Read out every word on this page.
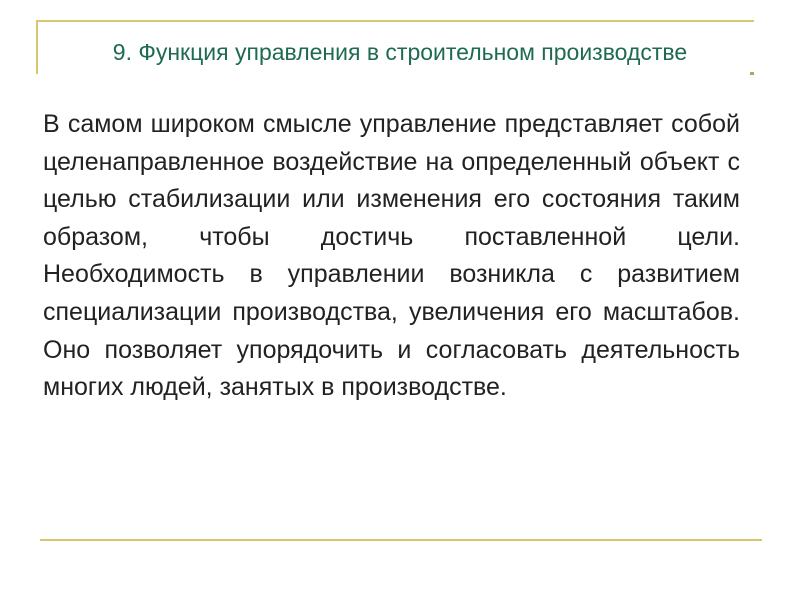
9. Функция управления в строительном производстве

В самом широком смысле управление представляет собой целенаправленное воздействие на определенный объект с целью стабилизации или изменения его состояния таким образом, чтобы достичь поставленной цели. Необходимость в управлении возникла с развитием специализации производства, увеличения его масштабов. Оно позволяет упорядочить и согласовать деятельность многих людей, занятых в производстве.
